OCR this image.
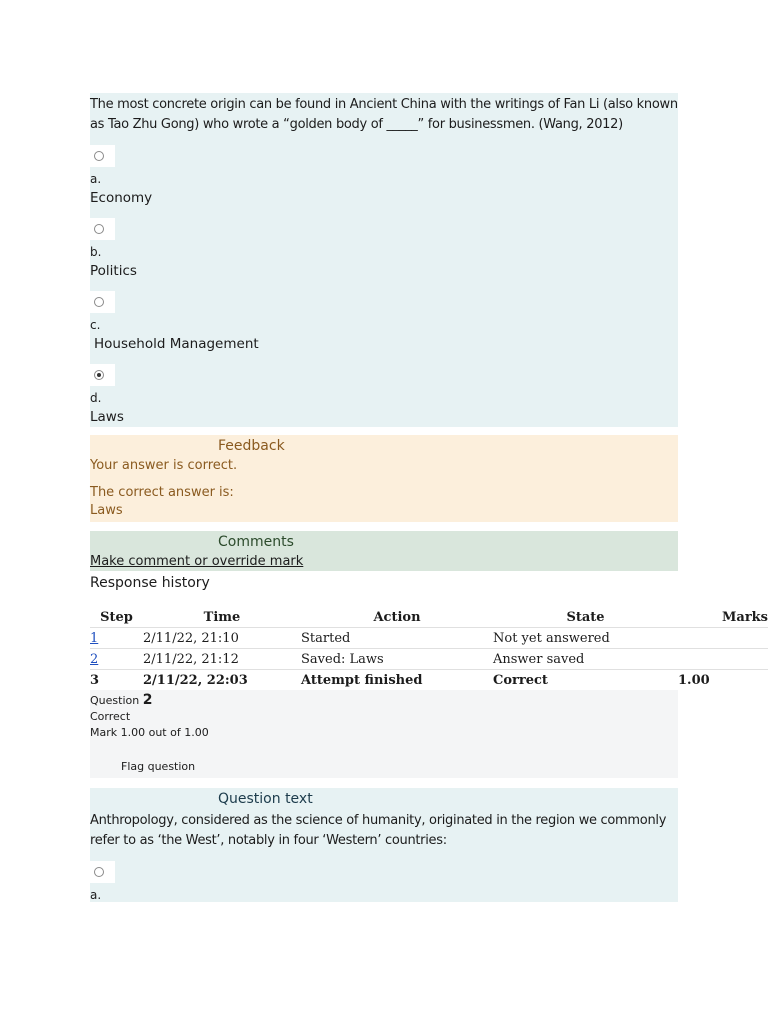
The most concrete origin can be found in Ancient China with the writings of Fan Li (also known as Tao Zhu Gong) who wrote a “golden body of _____” for businessmen. (Wang, 2012)
a.
Economy
b.
Politics
c.
Household Management
d.
Laws
Feedback
Your answer is correct.
The correct answer is:
Laws
Comments
Make comment or override mark
Response history
Step	Time	Action	State	Marks
1	2/11/22, 21:10	Started	Not yet answered	
2	2/11/22, 21:12	Saved: Laws	Answer saved	
3	2/11/22, 22:03	Attempt finished	Correct	1.00
Question 2
Correct
Mark 1.00 out of 1.00
Flag question
Question text
Anthropology, considered as the science of humanity, originated in the region we commonly refer to as ‘the West’, notably in four ‘Western’ countries:
a.
